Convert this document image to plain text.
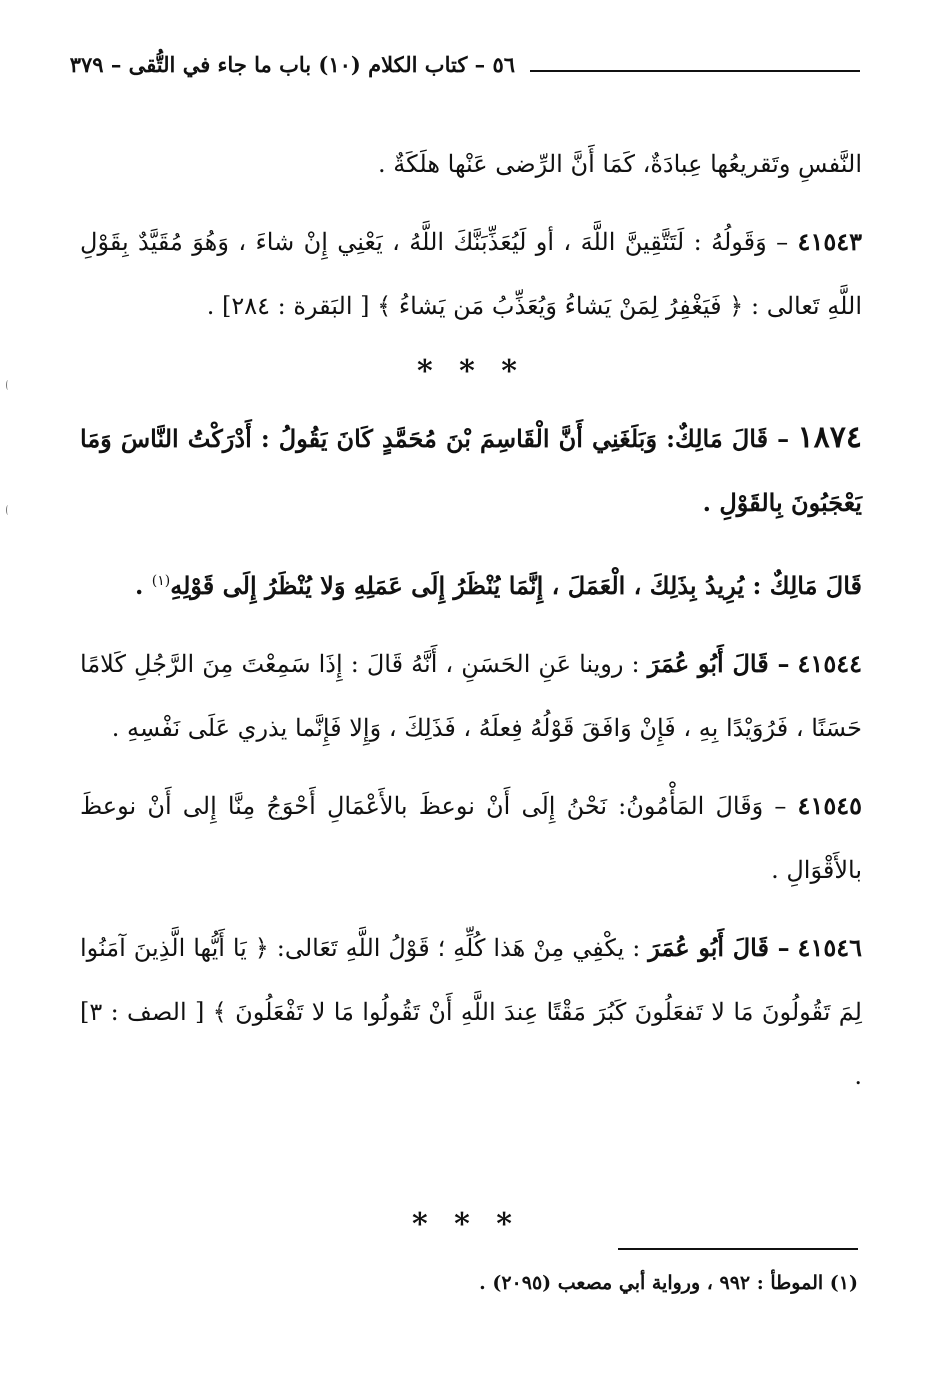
٥٦ – كتاب الكلام (١٠) باب ما جاء في التُّقى – ٣٧٩

النَّفسِ وتَقريعُها عِبادَةٌ، كَمَا أَنَّ الرِّضى عَنْها هلَكَةٌ .

٤١٥٤٣ – وَقَولُهُ : لَتَتَّقِينَّ اللَّهَ ، أو لَيُعَذِّبَنَّكَ اللَّهُ ، يَعْنِي إِنْ شاءَ ، وَهُوَ مُقَيَّدٌ بِقَوْلِ اللَّهِ تَعالى : ﴿ فَيَغْفِرُ لِمَنْ يَشاءُ وَيُعَذِّبُ مَن يَشاءُ ﴾ [ البَقرة : ٢٨٤] .

* * *

١٨٧٤ – قَالَ مَالِكٌ: وَبَلَغَنِي أَنَّ الْقَاسِمَ بْنَ مُحَمَّدٍ كَانَ يَقُولُ : أَدْرَكْتُ النَّاسَ وَمَا يَعْجَبُونَ بِالقَوْلِ .

قَالَ مَالِكٌ : يُرِيدُ بِذَلِكَ ، الْعَمَلَ ، إِنَّمَا يُنْظَرُ إِلَى عَمَلِهِ وَلا يُنْظَرُ إِلَى قَوْلِهِ$^{(١)}$ .

٤١٥٤٤ – قَالَ أَبُو عُمَرَ : روينا عَنِ الحَسَنِ ، أَنَّهُ قَالَ : إِذَا سَمِعْتَ مِنَ الرَّجُلِ كَلامًا حَسَنًا ، فَرُوَيْدًا بِهِ ، فَإِنْ وَافَقَ قَوْلُهُ فِعلَهُ ، فَذَلِكَ ، وَإِلا فَإِنَّما يذري عَلَى نَفْسِهِ .

٤١٥٤٥ – وَقَالَ المَأْمُونُ: نَحْنُ إِلَى أَنْ نوعظَ بالأَعْمَالِ أَحْوَجُ مِنَّا إِلى أَنْ نوعظَ بالأَقْوَالِ .

٤١٥٤٦ – قَالَ أَبُو عُمَرَ : يكْفِي مِنْ هَذا كُلِّهِ ؛ قَوْلُ اللَّهِ تَعَالى: ﴿ يَا أَيُّها الَّذِينَ آمَنُوا لِمَ تَقُولُونَ مَا لا تَفعَلُونَ كَبُرَ مَقْتًا عِندَ اللَّهِ أَنْ تَقُولُوا مَا لا تَفْعَلُونَ ﴾ [ الصف : ٣] .

* * *
(١) الموطأ : ٩٩٢ ، ورواية أبي مصعب (٢٠٩٥) .
